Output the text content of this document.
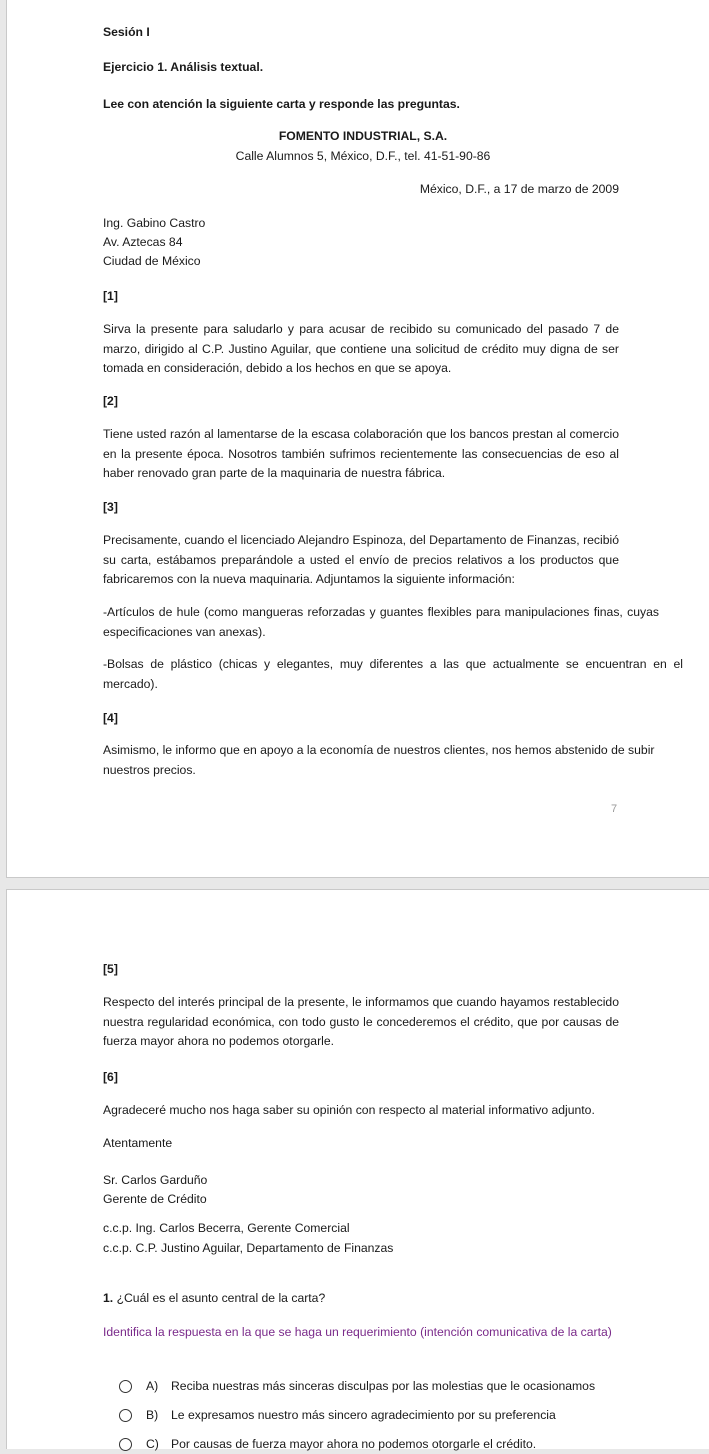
Sesión I

Ejercicio 1. Análisis textual.

Lee con atención la siguiente carta y responde las preguntas.

FOMENTO INDUSTRIAL, S.A.

Calle Alumnos 5, México, D.F., tel. 41-51-90-86

México, D.F., a 17 de marzo de 2009

Ing. Gabino Castro

Av. Aztecas 84

Ciudad de México

[1]

Sirva la presente para saludarlo y para acusar de recibido su comunicado del pasado 7 de marzo, dirigido al C.P. Justino Aguilar, que contiene una solicitud de crédito muy digna de ser tomada en consideración, debido a los hechos en que se apoya.

[2]

Tiene usted razón al lamentarse de la escasa colaboración que los bancos prestan al comercio en la presente época. Nosotros también sufrimos recientemente las consecuencias de eso al haber renovado gran parte de la maquinaria de nuestra fábrica.

[3]

Precisamente, cuando el licenciado Alejandro Espinoza, del Departamento de Finanzas, recibió su carta, estábamos preparándole a usted el envío de precios relativos a los productos que fabricaremos con la nueva maquinaria. Adjuntamos la siguiente información:

-Artículos de hule (como mangueras reforzadas y guantes flexibles para manipulaciones finas, cuyas especificaciones van anexas).

-Bolsas de plástico (chicas y elegantes, muy diferentes a las que actualmente se encuentran en el mercado).

[4]

Asimismo, le informo que en apoyo a la economía de nuestros clientes, nos hemos abstenido de subir nuestros precios.

7

[5]

Respecto del interés principal de la presente, le informamos que cuando hayamos restablecido nuestra regularidad económica, con todo gusto le concederemos el crédito, que por causas de fuerza mayor ahora no podemos otorgarle.

[6]

Agradeceré mucho nos haga saber su opinión con respecto al material informativo adjunto.

Atentamente

Sr. Carlos Garduño

Gerente de Crédito

c.c.p. Ing. Carlos Becerra, Gerente Comercial

c.c.p. C.P. Justino Aguilar, Departamento de Finanzas

1. ¿Cuál es el asunto central de la carta?

Identifica la respuesta en la que se haga un requerimiento (intención comunicativa de la carta)

A)	Reciba nuestras más sinceras disculpas por las molestias que le ocasionamos
B)	Le expresamos nuestro más sincero agradecimiento por su preferencia
C) Por causas de fuerza mayor ahora no podemos otorgarle el crédito.
